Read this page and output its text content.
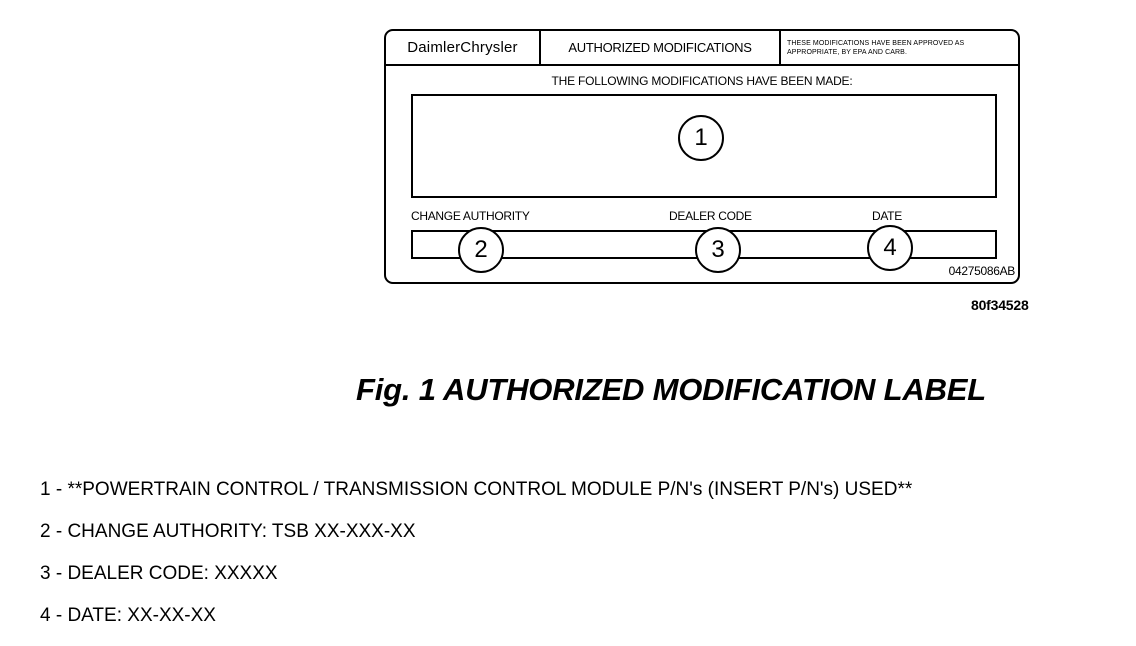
DaimlerChrysler	AUTHORIZED MODIFICATIONS	THESE MODIFICATIONS HAVE BEEN APPROVED AS APPROPRIATE, BY EPA AND CARB.
THE FOLLOWING MODIFICATIONS HAVE BEEN MADE:
CHANGE AUTHORITY	DEALER CODE	DATE
1
2	3	4
04275086AB
80f34528
Fig. 1 AUTHORIZED MODIFICATION LABEL
1 - **POWERTRAIN CONTROL / TRANSMISSION CONTROL MODULE P/N's (INSERT P/N's) USED**
2 - CHANGE AUTHORITY: TSB XX-XXX-XX
3 - DEALER CODE: XXXXX
4 - DATE: XX-XX-XX
